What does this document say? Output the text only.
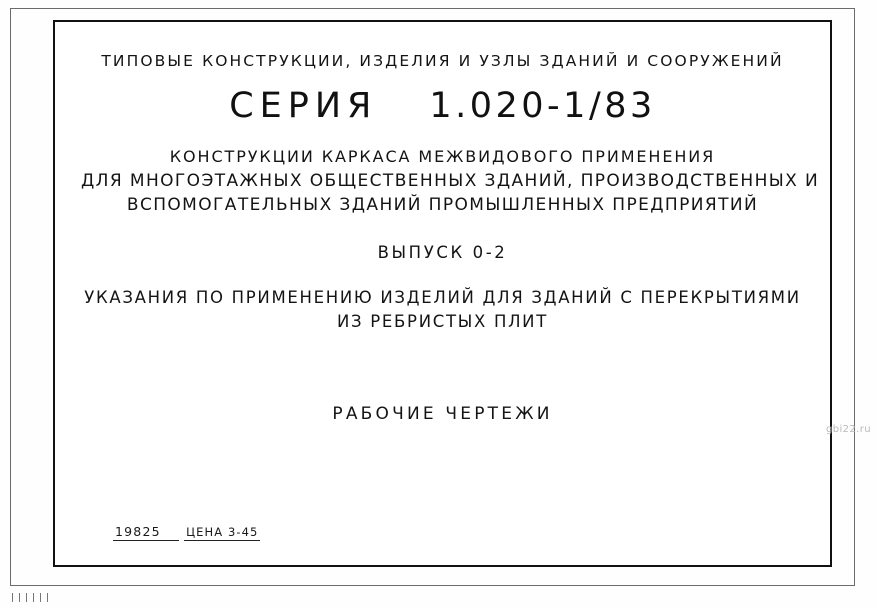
ТИПОВЫЕ КОНСТРУКЦИИ, ИЗДЕЛИЯ И УЗЛЫ ЗДАНИЙ И СООРУЖЕНИЙ
СЕРИЯ 1.020-1/83
КОНСТРУКЦИИ КАРКАСА МЕЖВИДОВОГО ПРИМЕНЕНИЯ
ДЛЯ МНОГОЭТАЖНЫХ ОБЩЕСТВЕННЫХ ЗДАНИЙ, ПРОИЗВОДСТВЕННЫХ И
ВСПОМОГАТЕЛЬНЫХ ЗДАНИЙ ПРОМЫШЛЕННЫХ ПРЕДПРИЯТИЙ
ВЫПУСК 0-2
УКАЗАНИЯ ПО ПРИМЕНЕНИЮ ИЗДЕЛИЙ ДЛЯ ЗДАНИЙ С ПЕРЕКРЫТИЯМИ
ИЗ РЕБРИСТЫХ ПЛИТ
РАБОЧИЕ ЧЕРТЕЖИ
19825 ЦЕНА 3-45
gbi22.ru
